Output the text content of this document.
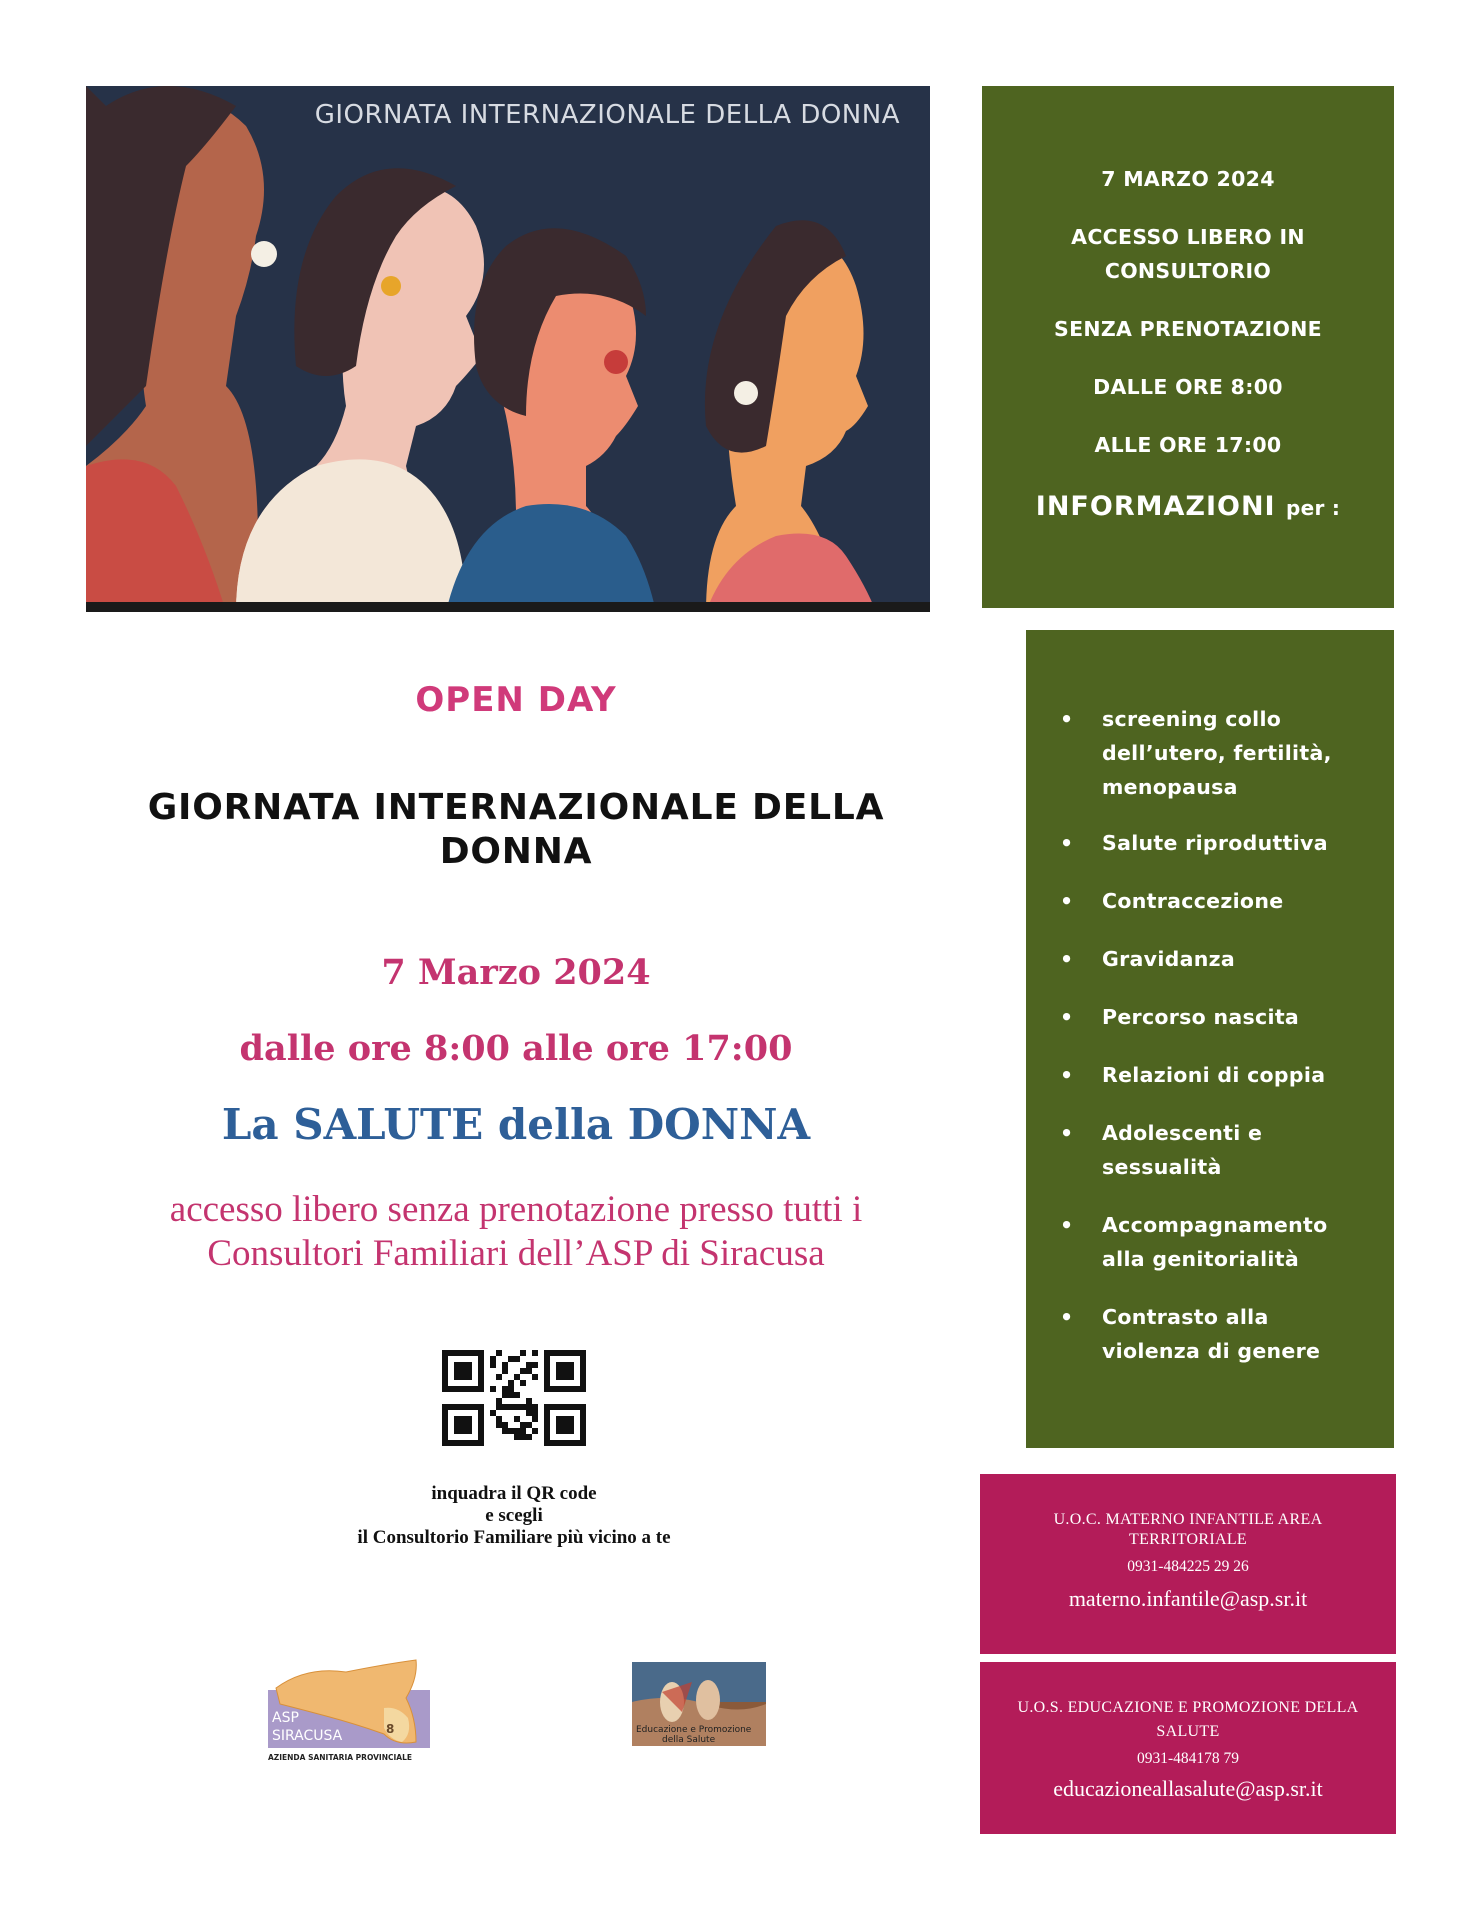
GIORNATA INTERNAZIONALE DELLA DONNA
7 MARZO 2024
ACCESSO LIBERO IN
CONSULTORIO
SENZA PRENOTAZIONE
DALLE ORE 8:00
ALLE ORE 17:00
INFORMAZIONI per :
• screening collo
dell’utero, fertilità,
menopausa
• Salute riproduttiva
• Contraccezione
• Gravidanza
• Percorso nascita
• Relazioni di coppia
• Adolescenti e
sessualità
• Accompagnamento
alla genitorialità
• Contrasto alla
violenza di genere
OPEN DAY
GIORNATA INTERNAZIONALE DELLA
DONNA
7 Marzo 2024
dalle ore 8:00 alle ore 17:00
La SALUTE della DONNA
accesso libero senza prenotazione presso tutti i
Consultori Familiari dell’ASP di Siracusa
inquadra il QR code
e scegli
il Consultorio Familiare più vicino a te
8
ASP
SIRACUSA
AZIENDA SANITARIA PROVINCIALE
Educazione e Promozione
della Salute
U.O.C. MATERNO INFANTILE AREA
TERRITORIALE
0931-484225 29 26
materno.infantile@asp.sr.it
U.O.S. EDUCAZIONE E PROMOZIONE DELLA
SALUTE
0931-484178 79
educazioneallasalute@asp.sr.it
